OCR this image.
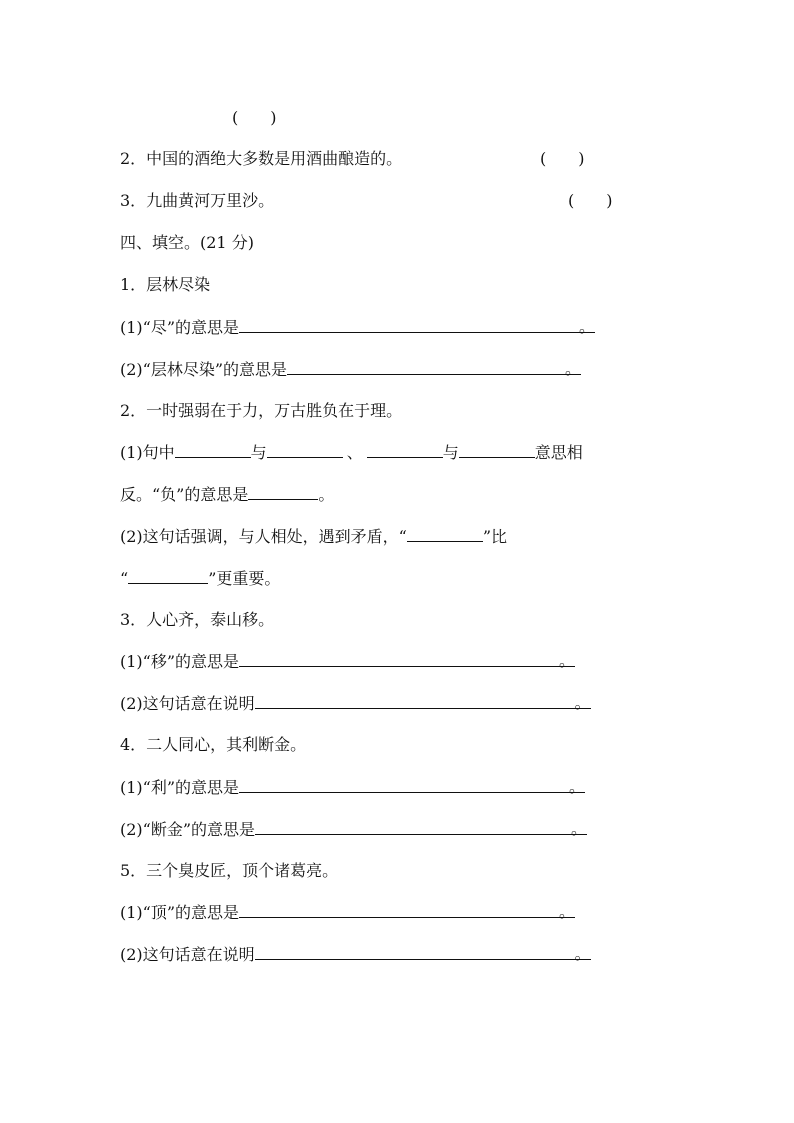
(　　)
2．中国的酒绝大多数是用酒曲酿造的。	(　　)
3．九曲黄河万里沙。	(　　)
四、填空。(21 分)
1．层林尽染
(1)“尽”的意思是	。
(2)“层林尽染”的意思是	。
2．一时强弱在于力，万古胜负在于理。
(1)句中	与	、	与	意思相
反。“负”的意思是	。
(2)这句话强调，与人相处，遇到矛盾，“	”比
“	”更重要。
3．人心齐，泰山移。
(1)“移”的意思是	。
(2)这句话意在说明	。
4．二人同心，其利断金。
(1)“利”的意思是	。
(2)“断金”的意思是	。
5．三个臭皮匠，顶个诸葛亮。
(1)“顶”的意思是	。
(2)这句话意在说明	。
